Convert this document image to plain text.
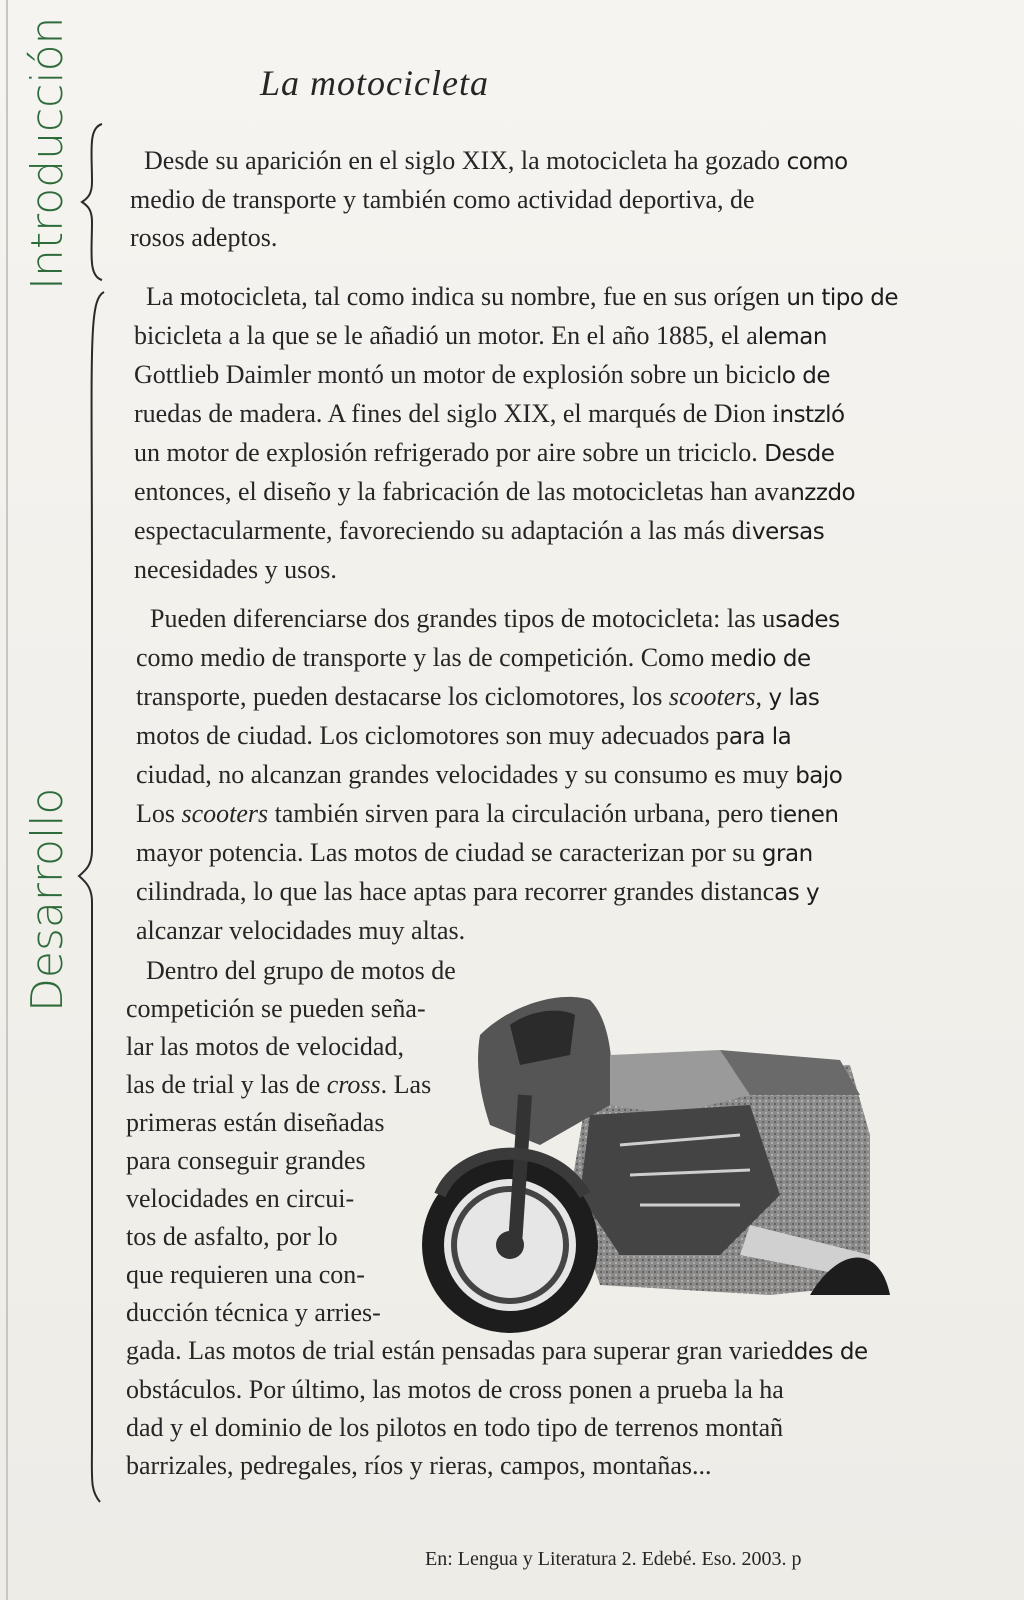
La motocicleta
Introducción
Desarrollo
Desde su aparición en el siglo XIX, la motocicleta ha gozado como
medio de transporte y también como actividad deportiva, de
rosos adeptos.
La motocicleta, tal como indica su nombre, fue en sus orígen un tipo de
bicicleta a la que se le añadió un motor. En el año 1885, el aleman
Gottlieb Daimler montó un motor de explosión sobre un biciclo de
ruedas de madera. A fines del siglo XIX, el marqués de Dion instzló
un motor de explosión refrigerado por aire sobre un triciclo. Desde
entonces, el diseño y la fabricación de las motocicletas han avanzzdo
espectacularmente, favoreciendo su adaptación a las más diversas
necesidades y usos.
Pueden diferenciarse dos grandes tipos de motocicleta: las usades
como medio de transporte y las de competición. Como medio de
transporte, pueden destacarse los ciclomotores, los scooters, y las
motos de ciudad. Los ciclomotores son muy adecuados para la
ciudad, no alcanzan grandes velocidades y su consumo es muy bajo
Los scooters también sirven para la circulación urbana, pero tienen
mayor potencia. Las motos de ciudad se caracterizan por su gran
cilindrada, lo que las hace aptas para recorrer grandes distancas y
alcanzar velocidades muy altas.
Dentro del grupo de motos de
competición se pueden seña-
lar las motos de velocidad,
las de trial y las de cross. Las
primeras están diseñadas
para conseguir grandes
velocidades en circui-
tos de asfalto, por lo
que requieren una con-
ducción técnica y arries-
gada. Las motos de trial están pensadas para superar gran varieddes de
obstáculos. Por último, las motos de cross ponen a prueba la ha
dad y el dominio de los pilotos en todo tipo de terrenos montañ
barrizales, pedregales, ríos y rieras, campos, montañas...
En: Lengua y Literatura 2. Edebé. Eso. 2003. p
